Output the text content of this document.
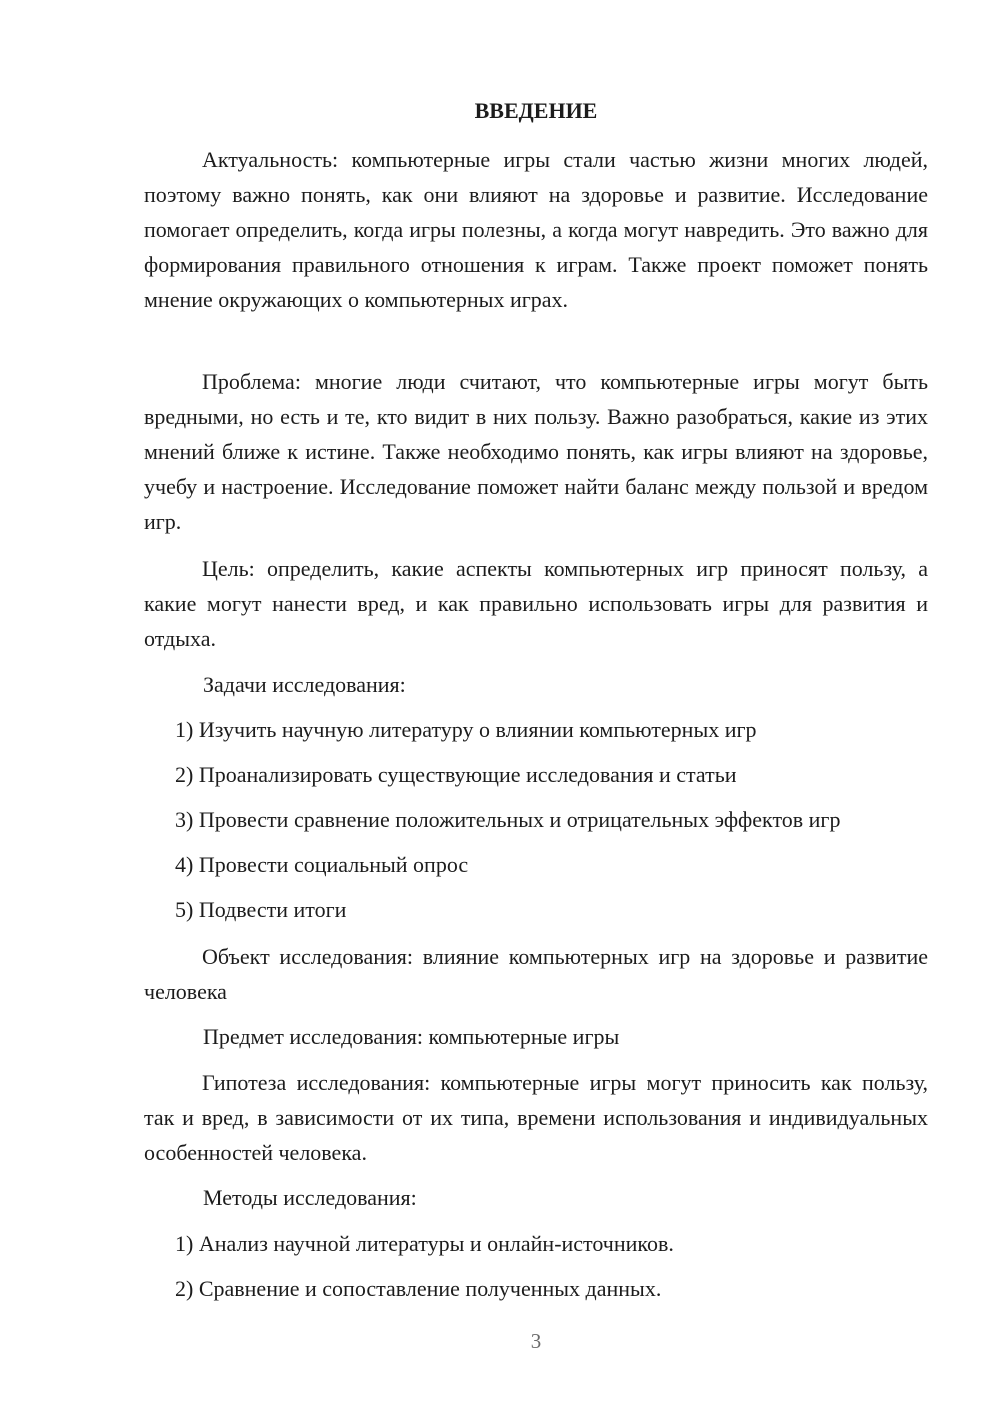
ВВЕДЕНИЕ

Актуальность: компьютерные игры стали частью жизни многих людей, поэтому важно понять, как они влияют на здоровье и развитие. Исследование помогает определить, когда игры полезны, а когда могут навредить. Это важно для формирования правильного отношения к играм. Также проект поможет понять мнение окружающих о компьютерных играх.

Проблема: многие люди считают, что компьютерные игры могут быть вредными, но есть и те, кто видит в них пользу. Важно разобраться, какие из этих мнений ближе к истине. Также необходимо понять, как игры влияют на здоровье, учебу и настроение. Исследование поможет найти баланс между пользой и вредом игр.

Цель: определить, какие аспекты компьютерных игр приносят пользу, а какие могут нанести вред, и как правильно использовать игры для развития и отдыха.

Задачи исследования:

1) Изучить научную литературу о влиянии компьютерных игр

2) Проанализировать существующие исследования и статьи

3) Провести сравнение положительных и отрицательных эффектов игр

4) Провести социальный опрос

5) Подвести итоги

Объект исследования: влияние компьютерных игр на здоровье и развитие человека

Предмет исследования: компьютерные игры

Гипотеза исследования: компьютерные игры могут приносить как пользу, так и вред, в зависимости от их типа, времени использования и индивидуальных особенностей человека.

Методы исследования:

1) Анализ научной литературы и онлайн-источников.

2) Сравнение и сопоставление полученных данных.

3
